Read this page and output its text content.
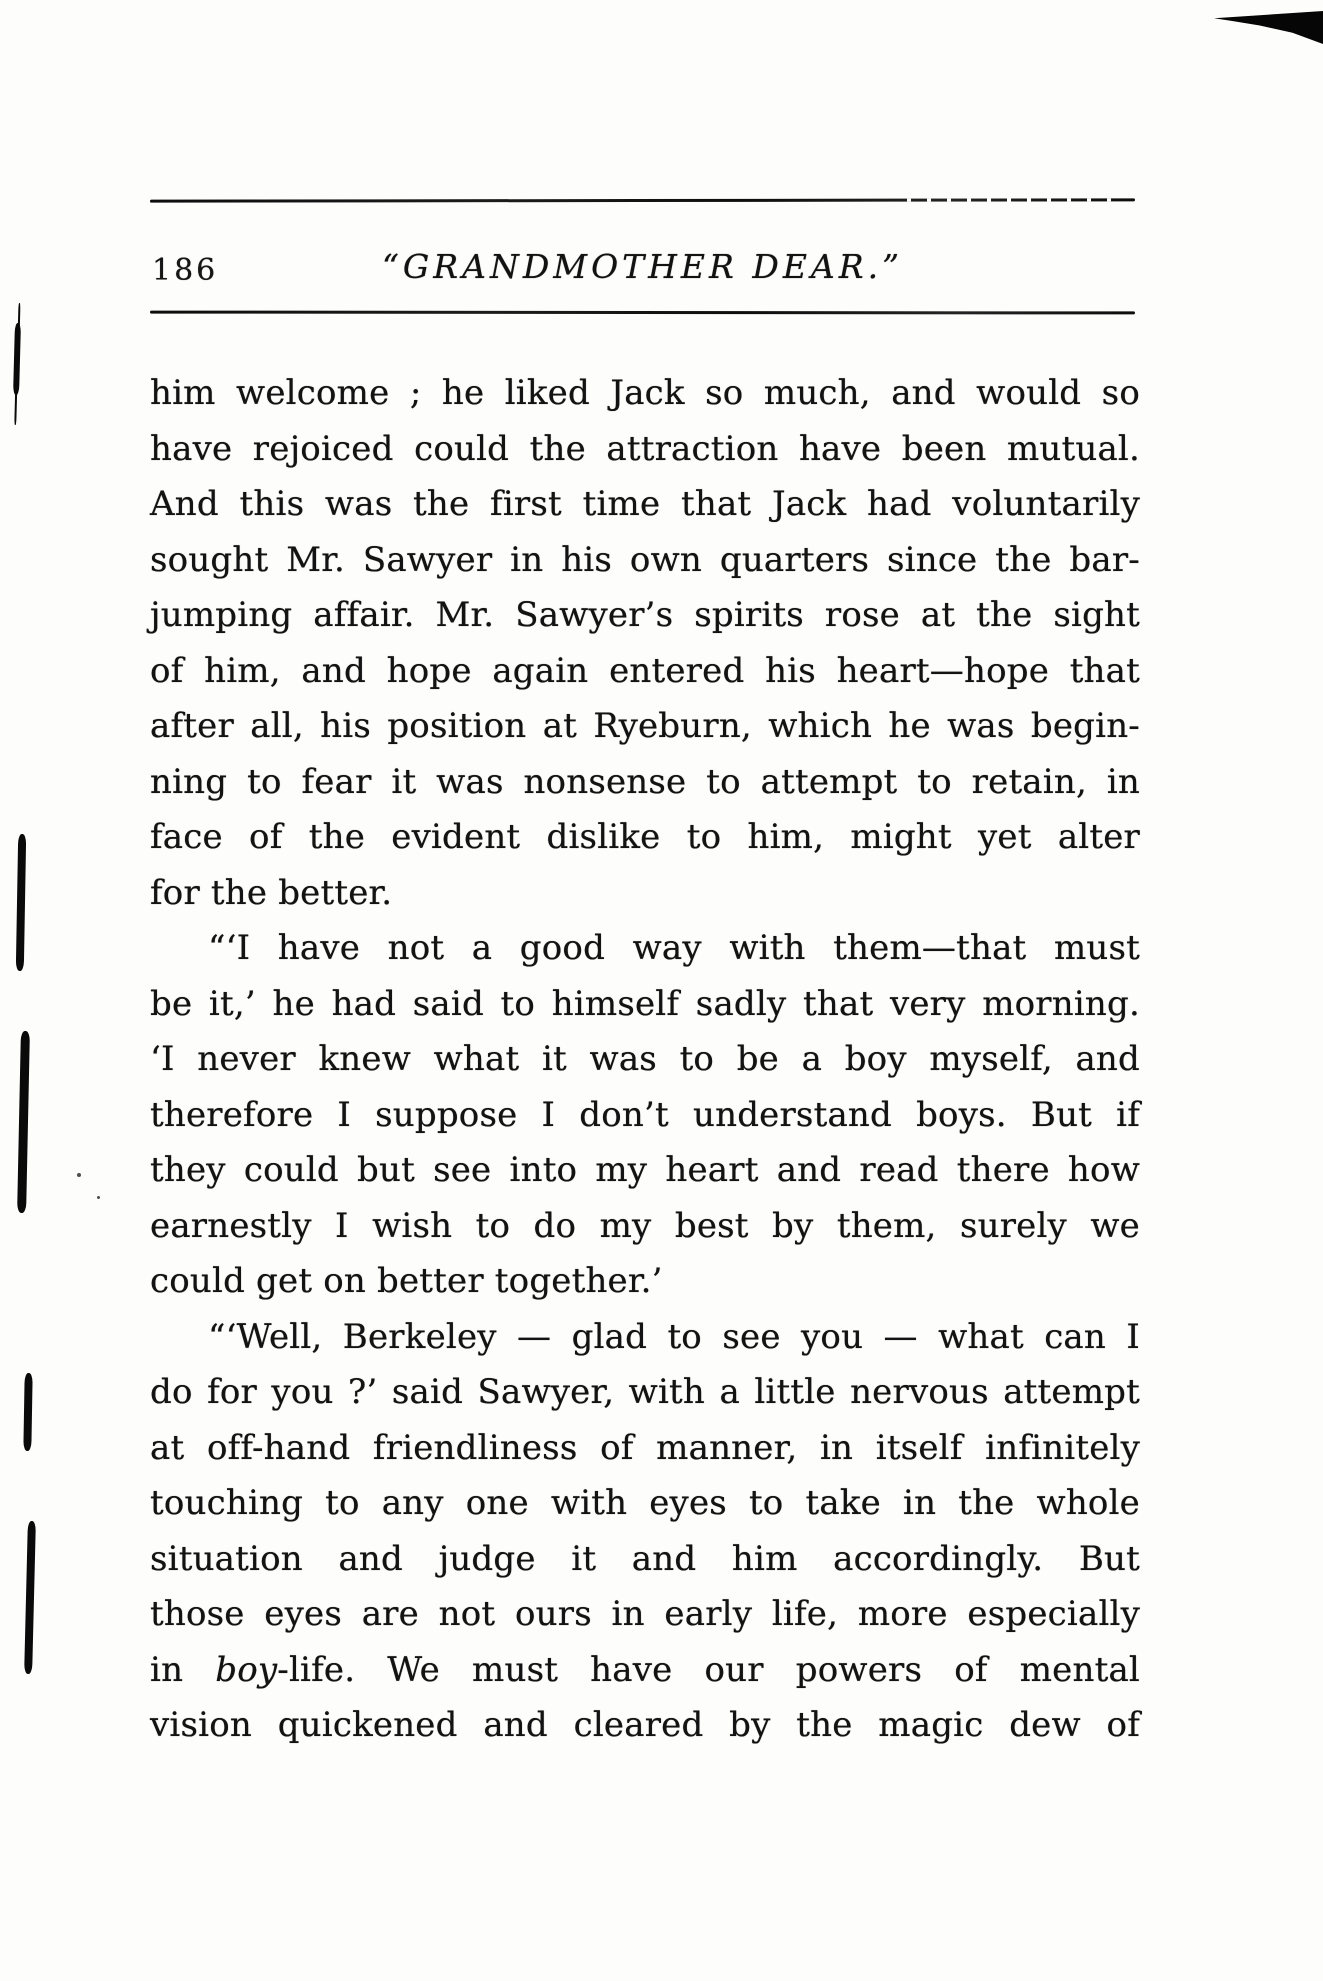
186	“GRANDMOTHER DEAR.”
him welcome ; he liked Jack so much, and would so
have rejoiced could the attraction have been mutual.
And this was the first time that Jack had voluntarily
sought Mr. Sawyer in his own quarters since the bar-
jumping affair. Mr. Sawyer’s spirits rose at the sight
of him, and hope again entered his heart—hope that
after all, his position at Ryeburn, which he was begin-
ning to fear it was nonsense to attempt to retain, in
face of the evident dislike to him, might yet alter
for the better.
“‘I have not a good way with them—that must
be it,’ he had said to himself sadly that very morning.
‘I never knew what it was to be a boy myself, and
therefore I suppose I don’t understand boys. But if
they could but see into my heart and read there how
earnestly I wish to do my best by them, surely we
could get on better together.’
“‘Well, Berkeley — glad to see you — what can I
do for you ?’ said Sawyer, with a little nervous attempt
at off-hand friendliness of manner, in itself infinitely
touching to any one with eyes to take in the whole
situation and judge it and him accordingly. But
those eyes are not ours in early life, more especially
in boy-life. We must have our powers of mental
vision quickened and cleared by the magic dew of
